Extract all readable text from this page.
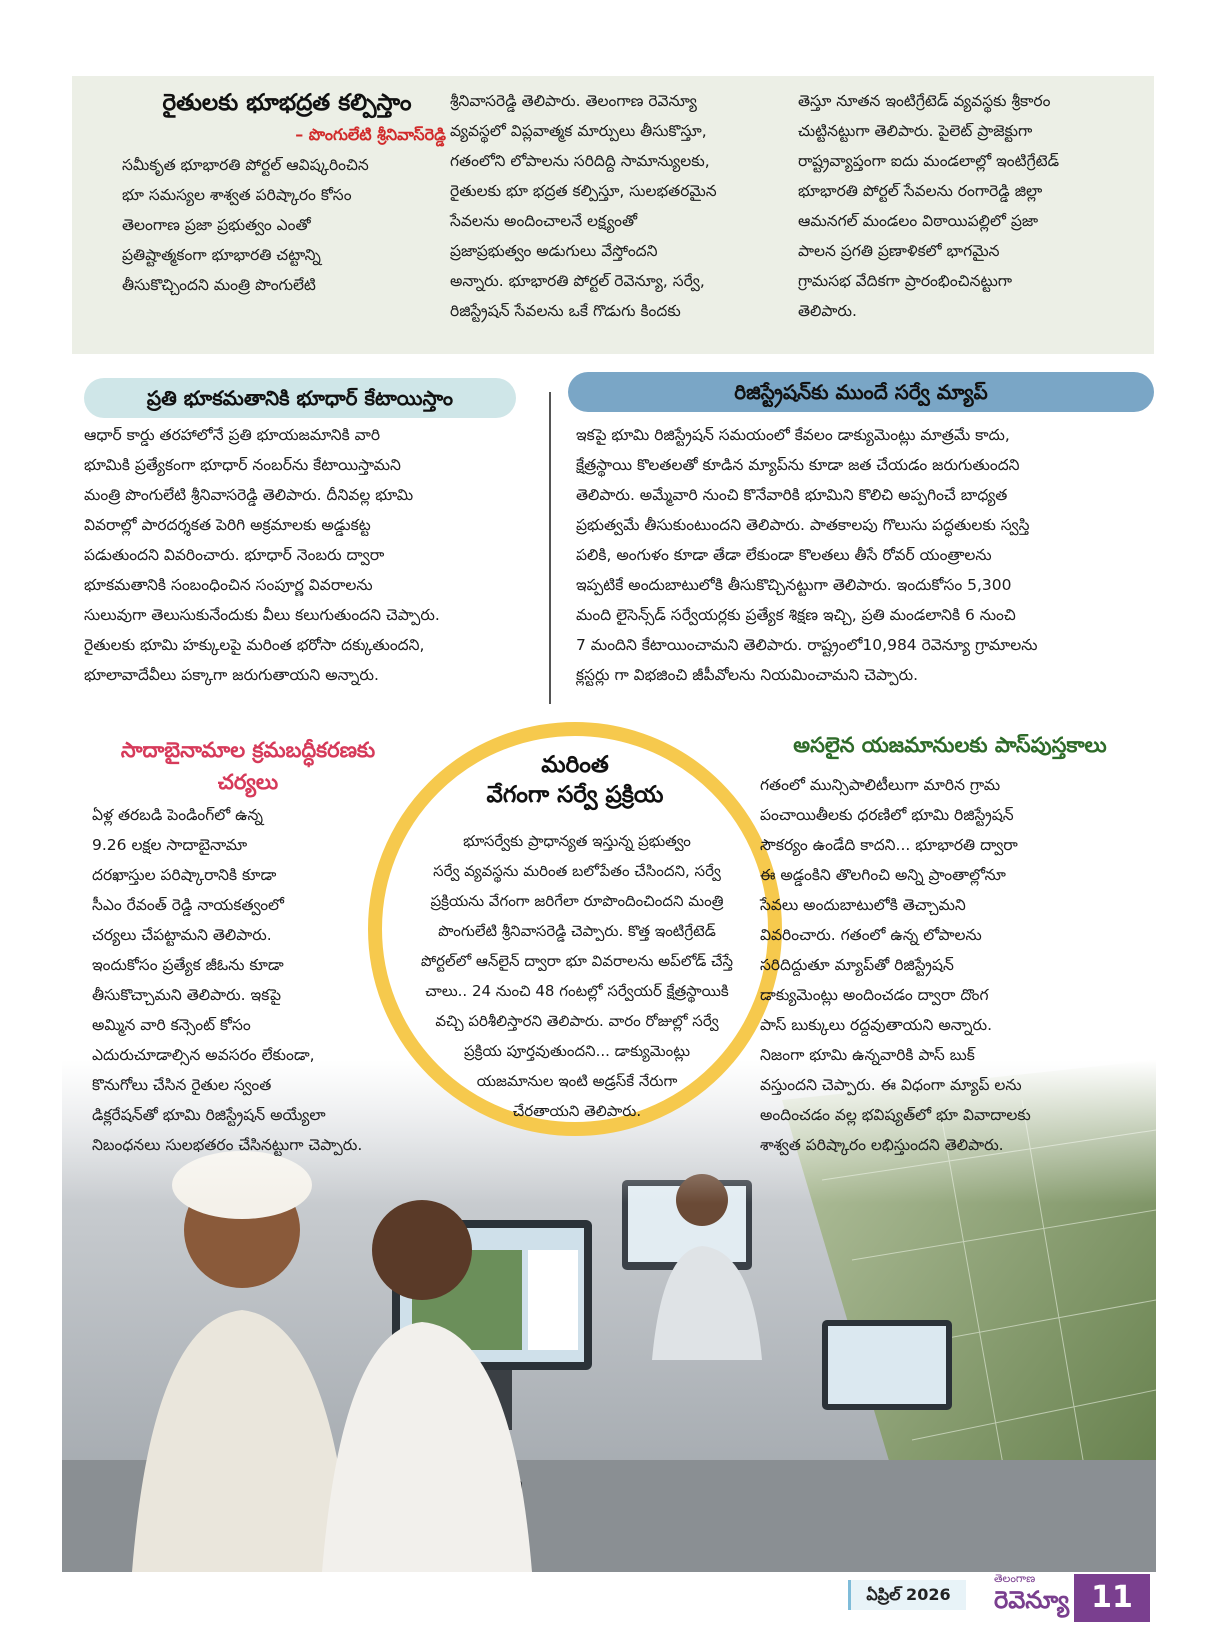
రైతులకు భూభద్రత కల్పిస్తాం
– పొంగులేటి శ్రీనివాస్‌రెడ్డి
సమీకృత భూభారతి పోర్టల్ ఆవిష్కరించిన
భూ సమస్యల శాశ్వత పరిష్కారం కోసం
తెలంగాణ ప్రజా ప్రభుత్వం ఎంతో
ప్రతిష్టాత్మకంగా భూభారతి చట్టాన్ని
తీసుకొచ్చిందని మంత్రి పొంగులేటి
శ్రీనివాసరెడ్డి తెలిపారు. తెలంగాణ రెవెన్యూ
వ్యవస్థలో విప్లవాత్మక మార్పులు తీసుకొస్తూ,
గతంలోని లోపాలను సరిదిద్ది సామాన్యులకు,
రైతులకు భూ భద్రత కల్పిస్తూ, సులభతరమైన
సేవలను అందించాలనే లక్ష్యంతో
ప్రజాప్రభుత్వం అడుగులు వేస్తోందని
అన్నారు. భూభారతి పోర్టల్ రెవెన్యూ, సర్వే,
రిజిస్ట్రేషన్ సేవలను ఒకే గొడుగు కిందకు
తెస్తూ నూతన ఇంటిగ్రేటెడ్ వ్యవస్థకు శ్రీకారం
చుట్టినట్టుగా తెలిపారు. పైలెట్ ప్రాజెక్టుగా
రాష్ట్రవ్యాప్తంగా ఐదు మండలాల్లో ఇంటిగ్రేటెడ్
భూభారతి పోర్టల్ సేవలను రంగారెడ్డి జిల్లా
ఆమనగల్ మండలం విఠాయిపల్లిలో ప్రజా
పాలన ప్రగతి ప్రణాళికలో భాగమైన
గ్రామసభ వేదికగా ప్రారంభించినట్టుగా
తెలిపారు.
ప్రతి భూకమతానికి భూధార్ కేటాయిస్తాం
ఆధార్ కార్డు తరహాలోనే ప్రతి భూయజమానికి వారి
భూమికి ప్రత్యేకంగా భూధార్ నంబర్‌ను కేటాయిస్తామని
మంత్రి పొంగులేటి శ్రీనివాసరెడ్డి తెలిపారు. దీనివల్ల భూమి
వివరాల్లో పారదర్శకత పెరిగి అక్రమాలకు అడ్డుకట్ట
పడుతుందని వివరించారు. భూధార్ నెంబరు ద్వారా
భూకమతానికి సంబంధించిన సంపూర్ణ వివరాలను
సులువుగా తెలుసుకునేందుకు వీలు కలుగుతుందని చెప్పారు.
రైతులకు భూమి హక్కులపై మరింత భరోసా దక్కుతుందని,
భూలావాదేవీలు పక్కాగా జరుగుతాయని అన్నారు.
రిజిస్ట్రేషన్‌కు ముందే సర్వే మ్యాప్
ఇకపై భూమి రిజిస్ట్రేషన్ సమయంలో కేవలం డాక్యుమెంట్లు మాత్రమే కాదు,
క్షేత్రస్థాయి కొలతలతో కూడిన మ్యాప్‌ను కూడా జత చేయడం జరుగుతుందని
తెలిపారు. అమ్మేవారి నుంచి కొనేవారికి భూమిని కొలిచి అప్పగించే బాధ్యత
ప్రభుత్వమే తీసుకుంటుందని తెలిపారు. పాతకాలపు గొలుసు పద్ధతులకు స్వస్తి
పలికి, అంగుళం కూడా తేడా లేకుండా కొలతలు తీసే రోవర్ యంత్రాలను
ఇప్పటికే అందుబాటులోకి తీసుకొచ్చినట్టుగా తెలిపారు. ఇందుకోసం 5,300
మంది లైసెన్స్‌డ్ సర్వేయర్లకు ప్రత్యేక శిక్షణ ఇచ్చి, ప్రతి మండలానికి 6 నుంచి
7 మందిని కేటాయించామని తెలిపారు. రాష్ట్రంలో10,984 రెవెన్యూ గ్రామాలను
క్లస్టర్లు గా విభజించి జీపీవోలను నియమించామని చెప్పారు.
సాదాబైనామాల క్రమబద్ధీకరణకు
చర్యలు
ఏళ్ల తరబడి పెండింగ్‌లో ఉన్న
9.26 లక్షల సాదాబైనామా
దరఖాస్తుల పరిష్కారానికి కూడా
సీఎం రేవంత్ రెడ్డి నాయకత్వంలో
చర్యలు చేపట్టామని తెలిపారు.
ఇందుకోసం ప్రత్యేక జీఓను కూడా
తీసుకొచ్చామని తెలిపారు. ఇకపై
అమ్మిన వారి కన్సెంట్ కోసం
ఎదురుచూడాల్సిన అవసరం లేకుండా,
కొనుగోలు చేసిన రైతుల స్వంత
డిక్లరేషన్‌తో భూమి రిజిస్ట్రేషన్ అయ్యేలా
నిబంధనలు సులభతరం చేసినట్టుగా చెప్పారు.
మరింత
వేగంగా సర్వే ప్రక్రియ
భూసర్వేకు ప్రాధాన్యత ఇస్తున్న ప్రభుత్వం
సర్వే వ్యవస్థను మరింత బలోపేతం చేసిందని, సర్వే
ప్రక్రియను వేగంగా జరిగేలా రూపొందించిందని మంత్రి
పొంగులేటి శ్రీనివాసరెడ్డి చెప్పారు. కొత్త ఇంటిగ్రేటెడ్
పోర్టల్‌లో ఆన్‌లైన్ ద్వారా భూ వివరాలను అప్‌లోడ్ చేస్తే
చాలు.. 24 నుంచి 48 గంటల్లో సర్వేయర్ క్షేత్రస్థాయికి
వచ్చి పరిశీలిస్తారని తెలిపారు. వారం రోజుల్లో సర్వే
ప్రక్రియ పూర్తవుతుందని... డాక్యుమెంట్లు
యజమానుల ఇంటి అడ్రస్‌కే నేరుగా
చేరతాయని తెలిపారు.
అసలైన యజమానులకు పాస్‌పుస్తకాలు
గతంలో మున్సిపాలిటీలుగా మారిన గ్రామ
పంచాయితీలకు ధరణిలో భూమి రిజిస్ట్రేషన్
సౌకర్యం ఉండేది కాదని... భూభారతి ద్వారా
ఈ అడ్డంకిని తొలగించి అన్ని ప్రాంతాల్లోనూ
సేవలు అందుబాటులోకి తెచ్చామని
వివరించారు. గతంలో ఉన్న లోపాలను
సరిదిద్దుతూ మ్యాప్‌తో రిజిస్ట్రేషన్
డాక్యుమెంట్లు అందించడం ద్వారా దొంగ
పాస్ బుక్కులు రద్దవుతాయని అన్నారు.
నిజంగా భూమి ఉన్నవారికి పాస్ బుక్
వస్తుందని చెప్పారు. ఈ విధంగా మ్యాప్ లను
అందించడం వల్ల భవిష్యత్‌లో భూ వివాదాలకు
శాశ్వత పరిష్కారం లభిస్తుందని తెలిపారు.
ఏప్రిల్ 2026
తెలంగాణ
రెవెన్యూ 11
